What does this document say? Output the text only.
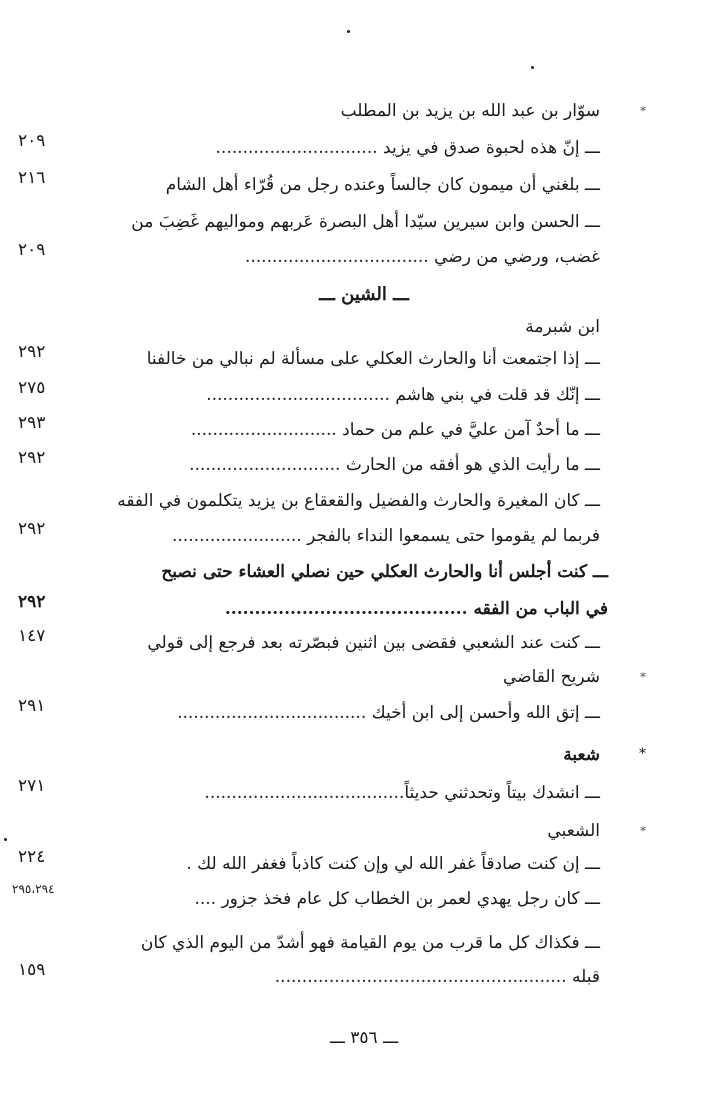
*
سوّار بن عبد الله بن يزيد بن المطلب
ـــ إنّ هذه لحبوة صدق في يزيد ..............................
٢٠٩
ـــ بلغني أن ميمون كان جالساً وعنده رجل من قُرّاء أهل الشام
٢١٦
ـــ الحسن وابن سيرين سيّدا أهل البصرة عَربهم ومواليهم غَضِبَ من
غضب، ورضي من رضي ..................................
٢٠٩
ـــ الشين ـــ
ابن شبرمة
ـــ إذا اجتمعت أنا والحارث العكلي على مسألة لم نبالي من خالفنا
٢٩٢
ـــ إنّك قد قلت في بني هاشم ..................................
٢٧٥
ـــ ما أحدٌ آمن عليَّ في علم من حماد ...........................
٢٩٣
ـــ ما رأيت الذي هو أفقه من الحارث ............................
٢٩٢
ـــ كان المغيرة والحارث والفضيل والقعقاع بن يزيد يتكلمون في الفقه
فربما لم يقوموا حتى يسمعوا النداء بالفجر ........................
٢٩٢
ـــ كنت أجلس أنا والحارث العكلي حين نصلي العشاء حتى نصبح
في الباب من الفقه .........................................
٢٩٢
ـــ كنت عند الشعبي فقضى بين اثنين فبصّرته بعد فرجع إلى قولي
١٤٧
*
شريح القاضي
ـــ إتق الله وأحسن إلى ابن أخيك ...................................
٢٩١
*
شعبة
ـــ انشدك بيتاً وتحدثني حديثاً.....................................
٢٧١
*
الشعبي
ـــ إن كنت صادقاً غفر الله لي وإن كنت كاذباً فغفر الله لك .
٢٢٤
ـــ كان رجل يهدي لعمر بن الخطاب كل عام فخذ جزور ....
٢٩٥،٢٩٤
ـــ فكذاك كل ما قرب من يوم القيامة فهو أشدّ من اليوم الذي كان
قبله ......................................................
١٥٩
ـــ ٣٥٦ ـــ
